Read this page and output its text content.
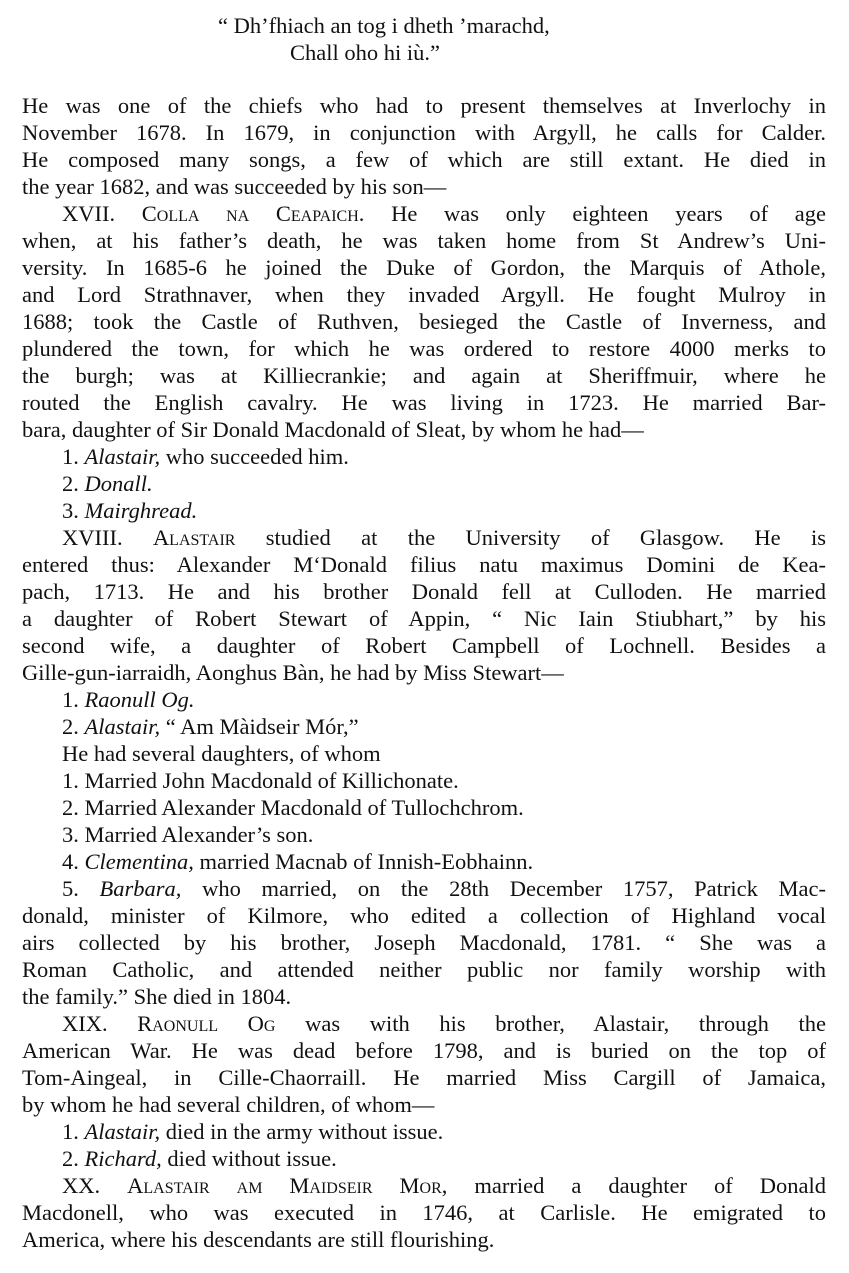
“ Dh’fhiach an tog i dheth ’marachd,
Chall oho hi iù.”
He was one of the chiefs who had to present themselves at Inverlochy in
November 1678. In 1679, in conjunction with Argyll, he calls for Calder.
He composed many songs, a few of which are still extant. He died in
the year 1682, and was succeeded by his son—
XVII. Colla na Ceapaich. He was only eighteen years of age
when, at his father’s death, he was taken home from St Andrew’s Uni-
versity. In 1685-6 he joined the Duke of Gordon, the Marquis of Athole,
and Lord Strathnaver, when they invaded Argyll. He fought Mulroy in
1688; took the Castle of Ruthven, besieged the Castle of Inverness, and
plundered the town, for which he was ordered to restore 4000 merks to
the burgh; was at Killiecrankie; and again at Sheriffmuir, where he
routed the English cavalry. He was living in 1723. He married Bar-
bara, daughter of Sir Donald Macdonald of Sleat, by whom he had—
1. Alastair, who succeeded him.
2. Donall.
3. Mairghread.
XVIII. Alastair studied at the University of Glasgow. He is
entered thus: Alexander M‘Donald filius natu maximus Domini de Kea-
pach, 1713. He and his brother Donald fell at Culloden. He married
a daughter of Robert Stewart of Appin, “ Nic Iain Stiubhart,” by his
second wife, a daughter of Robert Campbell of Lochnell. Besides a
Gille-gun-iarraidh, Aonghus Bàn, he had by Miss Stewart—
1. Raonull Og.
2. Alastair, “ Am Màidseir Mór,”
He had several daughters, of whom
1. Married John Macdonald of Killichonate.
2. Married Alexander Macdonald of Tullochchrom.
3. Married Alexander’s son.
4. Clementina, married Macnab of Innish-Eobhainn.
5. Barbara, who married, on the 28th December 1757, Patrick Mac-
donald, minister of Kilmore, who edited a collection of Highland vocal
airs collected by his brother, Joseph Macdonald, 1781. “ She was a
Roman Catholic, and attended neither public nor family worship with
the family.” She died in 1804.
XIX. Raonull Og was with his brother, Alastair, through the
American War. He was dead before 1798, and is buried on the top of
Tom-Aingeal, in Cille-Chaorraill. He married Miss Cargill of Jamaica,
by whom he had several children, of whom—
1. Alastair, died in the army without issue.
2. Richard, died without issue.
XX. Alastair am Maidseir Mor, married a daughter of Donald
Macdonell, who was executed in 1746, at Carlisle. He emigrated to
America, where his descendants are still flourishing.
